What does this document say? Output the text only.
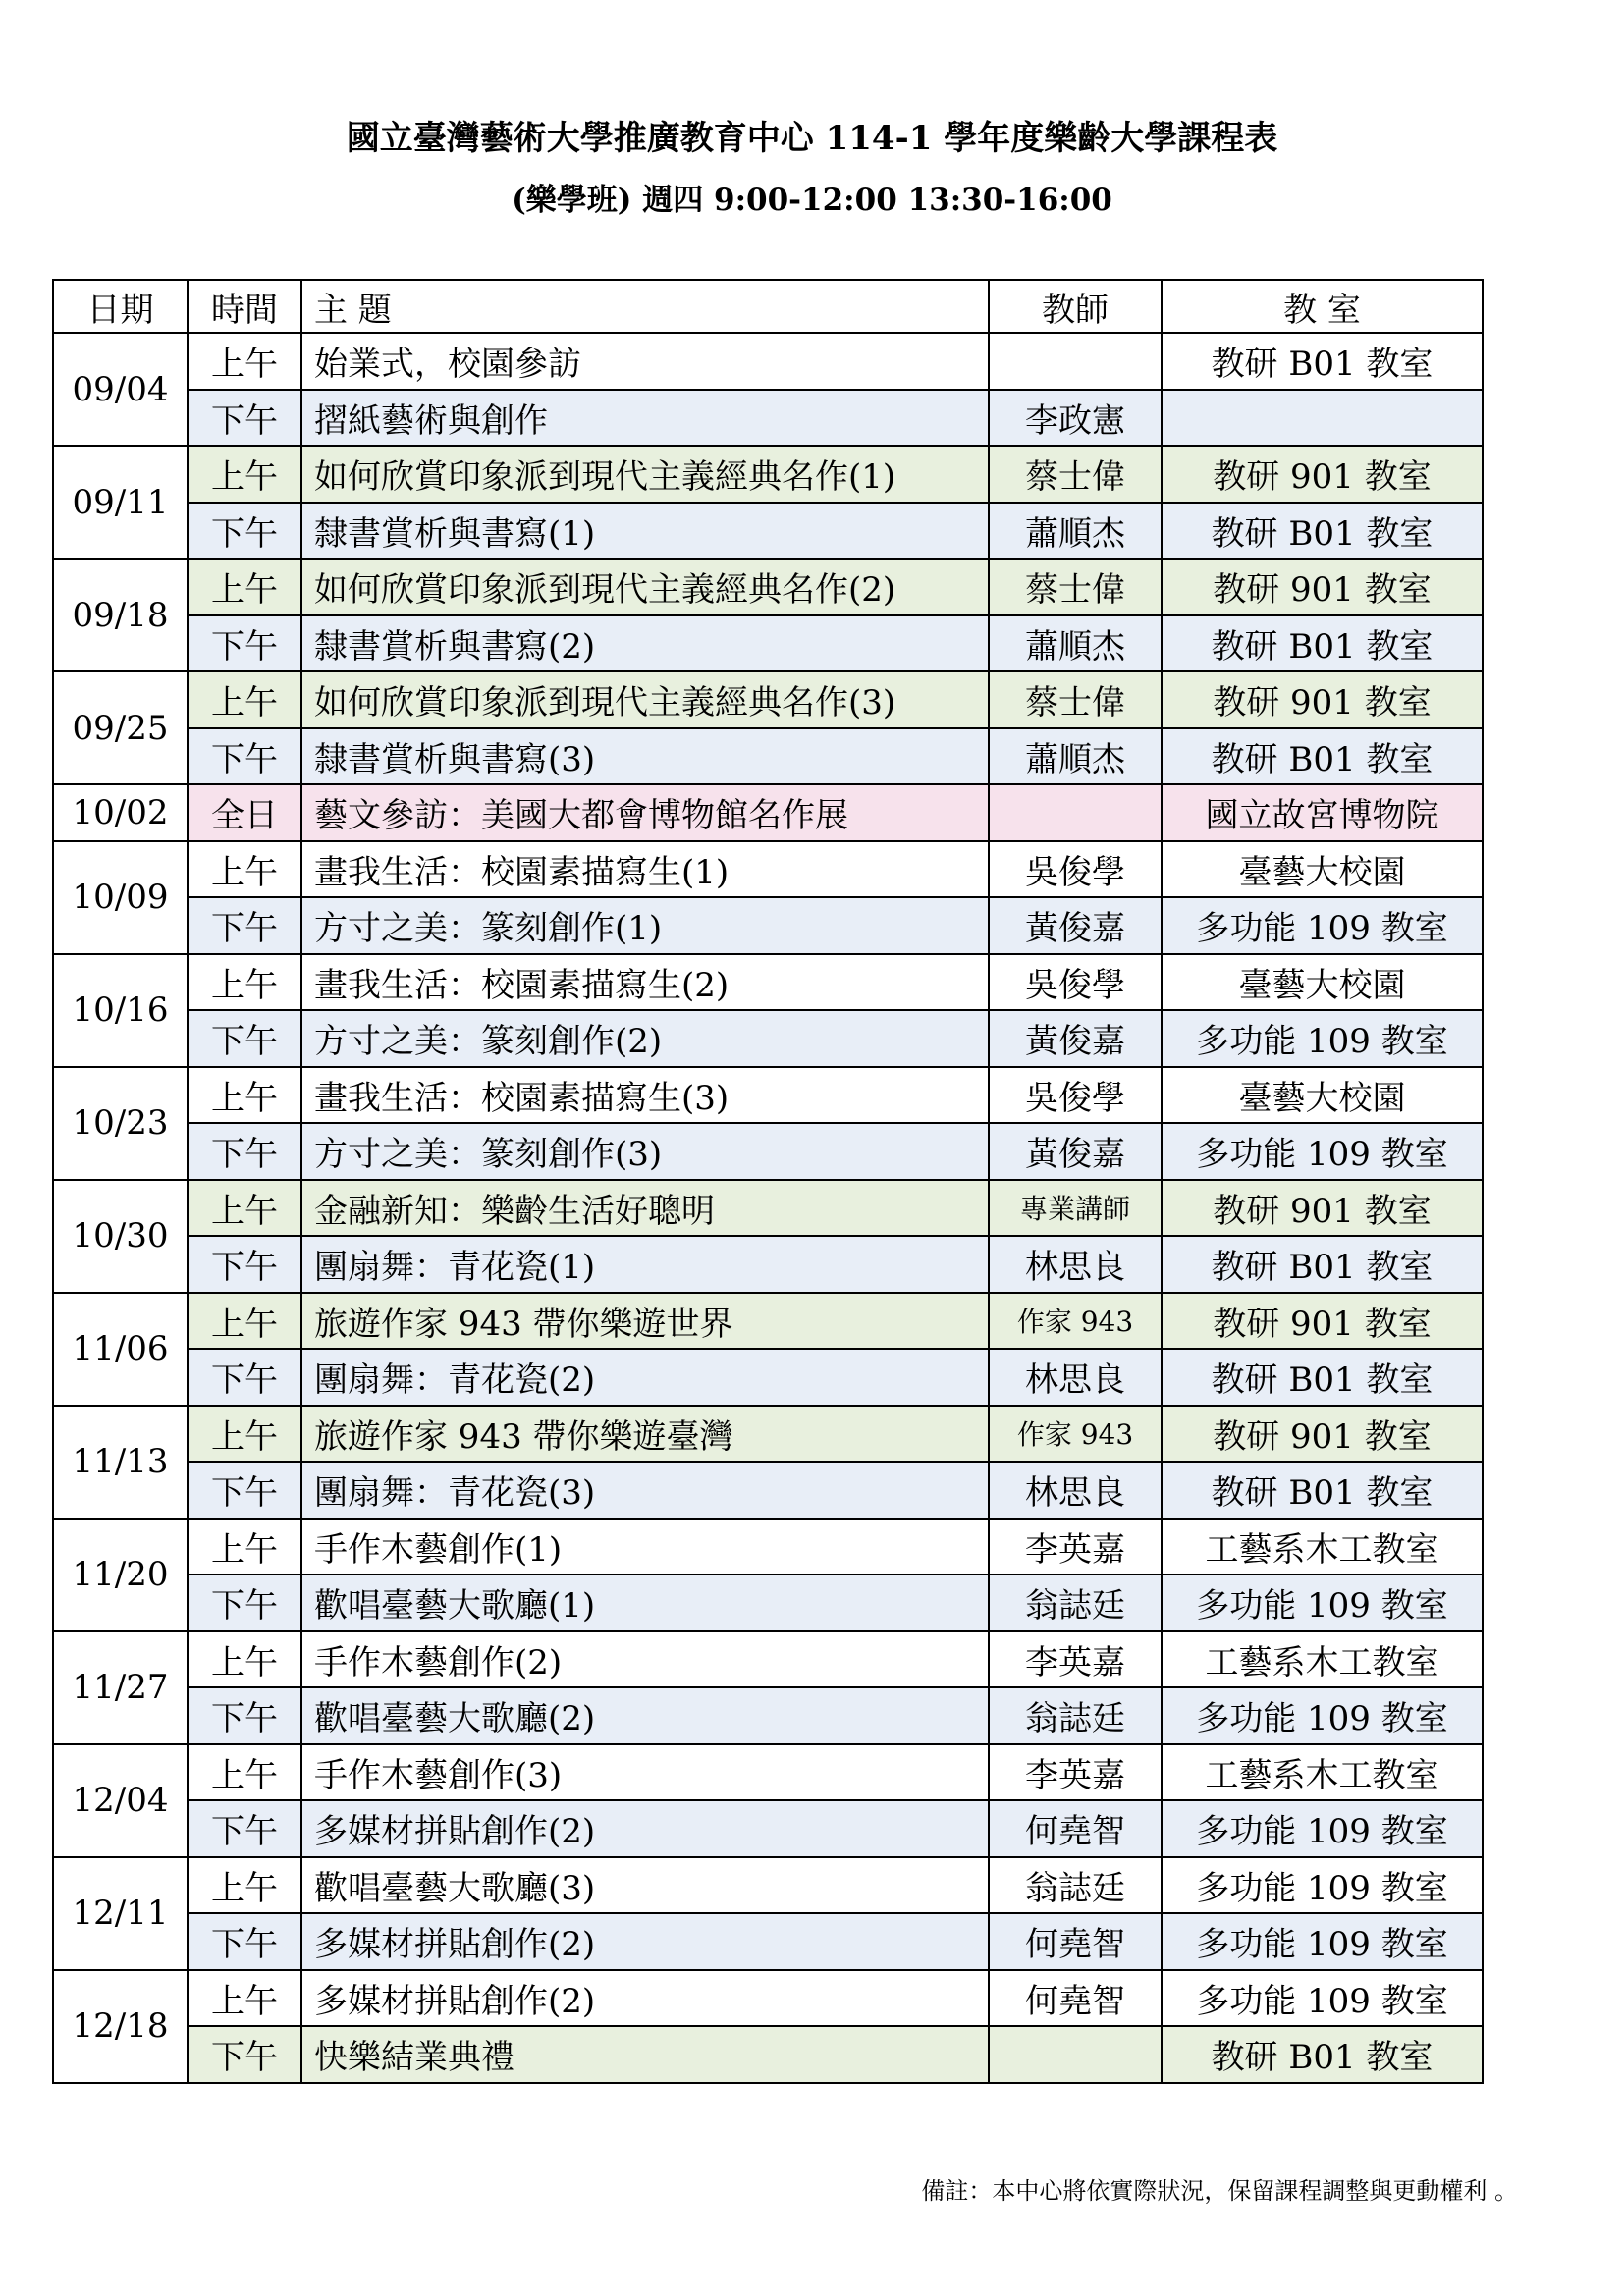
國立臺灣藝術大學推廣教育中心 114-1 學年度樂齡大學課程表
(樂學班) 週四 9:00-12:00 13:30-16:00
日期	時間	主 題	教師	教 室
09/04	上午	始業式，校園參訪		教研 B01 教室
	下午	摺紙藝術與創作	李政憲	
09/11	上午	如何欣賞印象派到現代主義經典名作(1)	蔡士偉	教研 901 教室
	下午	隸書賞析與書寫(1)	蕭順杰	教研 B01 教室
09/18	上午	如何欣賞印象派到現代主義經典名作(2)	蔡士偉	教研 901 教室
	下午	隸書賞析與書寫(2)	蕭順杰	教研 B01 教室
09/25	上午	如何欣賞印象派到現代主義經典名作(3)	蔡士偉	教研 901 教室
	下午	隸書賞析與書寫(3)	蕭順杰	教研 B01 教室
10/02	全日	藝文參訪：美國大都會博物館名作展		國立故宮博物院
10/09	上午	畫我生活：校園素描寫生(1)	吳俊學	臺藝大校園
	下午	方寸之美：篆刻創作(1)	黃俊嘉	多功能 109 教室
10/16	上午	畫我生活：校園素描寫生(2)	吳俊學	臺藝大校園
	下午	方寸之美：篆刻創作(2)	黃俊嘉	多功能 109 教室
10/23	上午	畫我生活：校園素描寫生(3)	吳俊學	臺藝大校園
	下午	方寸之美：篆刻創作(3)	黃俊嘉	多功能 109 教室
10/30	上午	金融新知：樂齡生活好聰明	專業講師	教研 901 教室
	下午	團扇舞：青花瓷(1)	林思良	教研 B01 教室
11/06	上午	旅遊作家 943 帶你樂遊世界	作家 943	教研 901 教室
	下午	團扇舞：青花瓷(2)	林思良	教研 B01 教室
11/13	上午	旅遊作家 943 帶你樂遊臺灣	作家 943	教研 901 教室
	下午	團扇舞：青花瓷(3)	林思良	教研 B01 教室
11/20	上午	手作木藝創作(1)	李英嘉	工藝系木工教室
	下午	歡唱臺藝大歌廳(1)	翁誌廷	多功能 109 教室
11/27	上午	手作木藝創作(2)	李英嘉	工藝系木工教室
	下午	歡唱臺藝大歌廳(2)	翁誌廷	多功能 109 教室
12/04	上午	手作木藝創作(3)	李英嘉	工藝系木工教室
	下午	多媒材拼貼創作(2)	何堯智	多功能 109 教室
12/11	上午	歡唱臺藝大歌廳(3)	翁誌廷	多功能 109 教室
	下午	多媒材拼貼創作(2)	何堯智	多功能 109 教室
12/18	上午	多媒材拼貼創作(2)	何堯智	多功能 109 教室
	下午	快樂結業典禮		教研 B01 教室
備註：本中心將依實際狀況，保留課程調整與更動權利 。
